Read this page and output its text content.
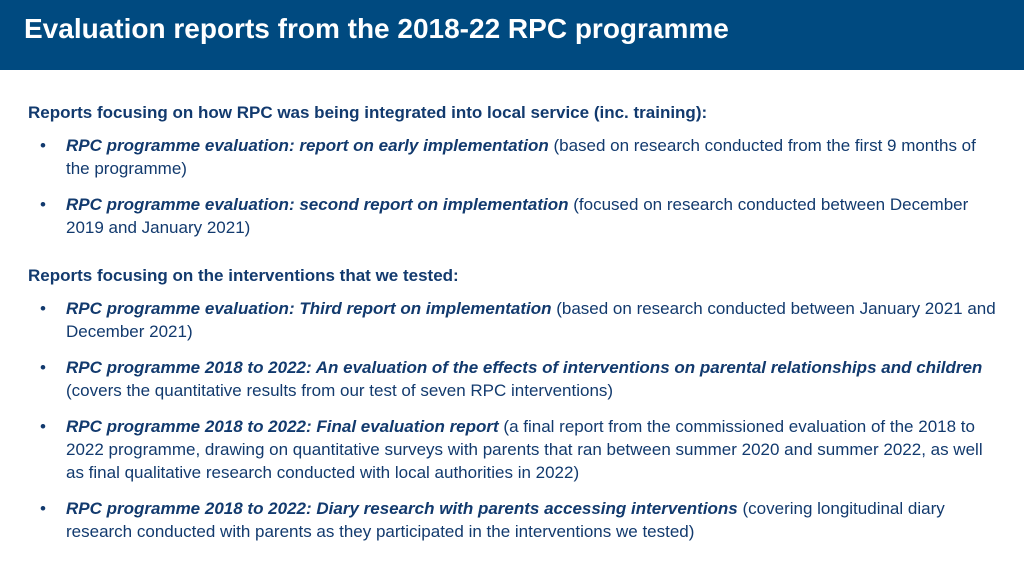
Evaluation reports from the 2018-22 RPC programme

Reports focusing on how RPC was being integrated into local service (inc. training):

• RPC programme evaluation: report on early implementation (based on research conducted from the first 9 months of the programme)
• RPC programme evaluation: second report on implementation (focused on research conducted between December 2019 and January 2021)

Reports focusing on the interventions that we tested:

• RPC programme evaluation: Third report on implementation (based on research conducted between January 2021 and December 2021)
• RPC programme 2018 to 2022: An evaluation of the effects of interventions on parental relationships and children (covers the quantitative results from our test of seven RPC interventions)
• RPC programme 2018 to 2022: Final evaluation report (a final report from the commissioned evaluation of the 2018 to 2022 programme, drawing on quantitative surveys with parents that ran between summer 2020 and summer 2022, as well as final qualitative research conducted with local authorities in 2022)
• RPC programme 2018 to 2022: Diary research with parents accessing interventions (covering longitudinal diary research conducted with parents as they participated in the interventions we tested)
